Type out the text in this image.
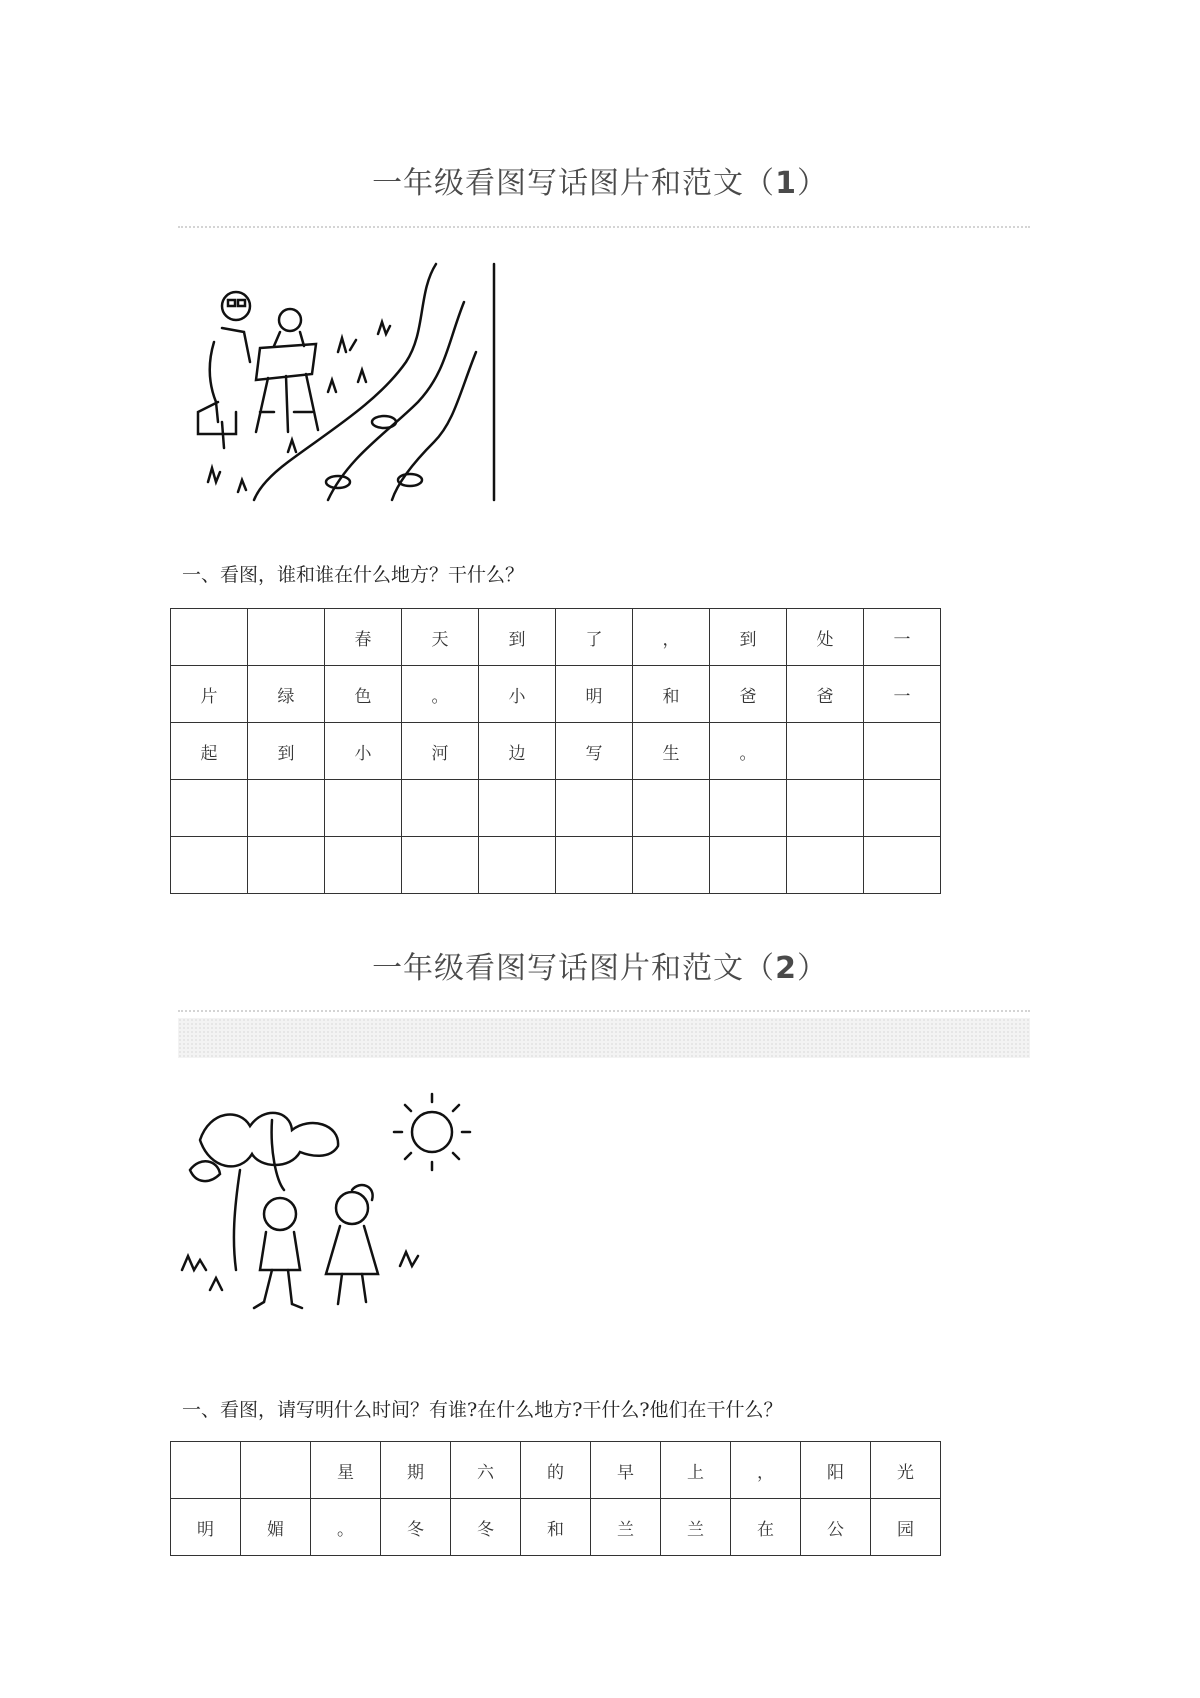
一年级看图写话图片和范文（1）

一、看图，谁和谁在什么地方？干什么？

		春	天	到	了	，	到	处	一
片	绿	色	。	小	明	和	爸	爸	一
起	到	小	河	边	写	生	。		

一年级看图写话图片和范文（2）

一、看图，请写明什么时间？有谁?在什么地方?干什么?他们在干什么？

		星	期	六	的	早	上	，	阳	光
明	媚	。	冬	冬	和	兰	兰	在	公	园
